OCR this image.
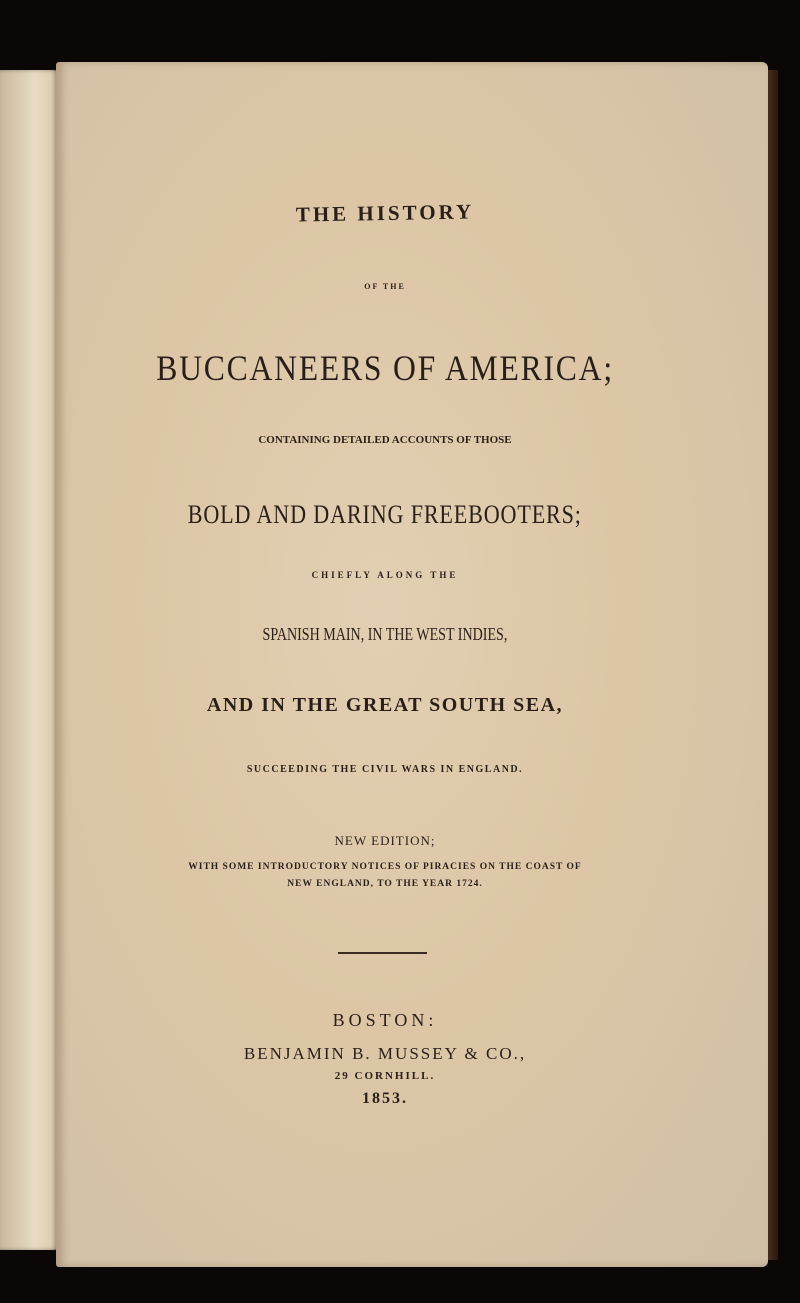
THE HISTORY
OF THE
BUCCANEERS OF AMERICA;
CONTAINING DETAILED ACCOUNTS OF THOSE
BOLD AND DARING FREEBOOTERS;
CHIEFLY ALONG THE
SPANISH MAIN, IN THE WEST INDIES,
AND IN THE GREAT SOUTH SEA,
SUCCEEDING THE CIVIL WARS IN ENGLAND.
NEW EDITION;
WITH SOME INTRODUCTORY NOTICES OF PIRACIES ON THE COAST OF
NEW ENGLAND, TO THE YEAR 1724.
BOSTON:
BENJAMIN B. MUSSEY & CO.,
29 CORNHILL.
1853.
